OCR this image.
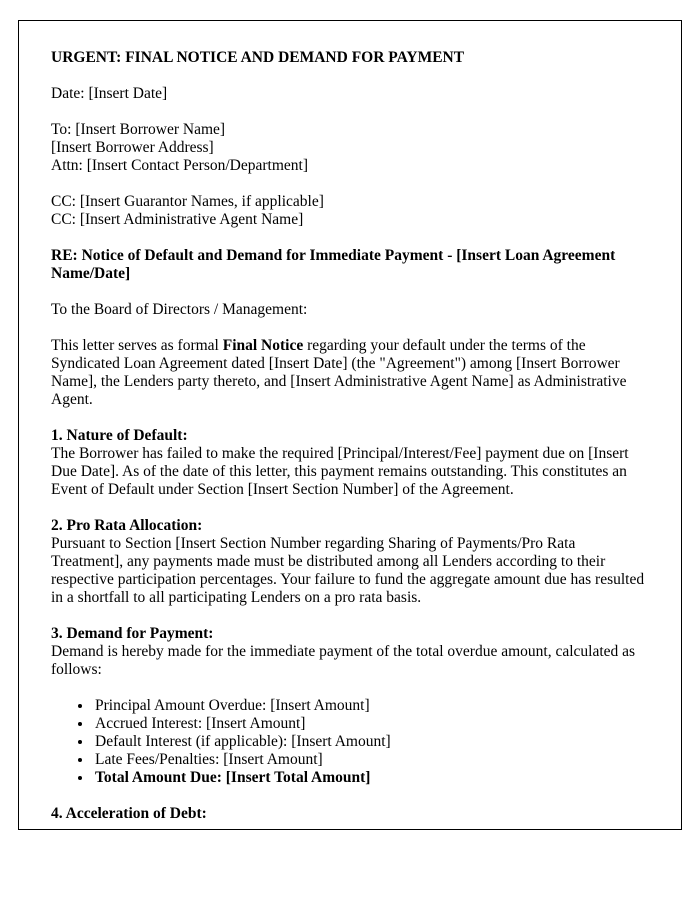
URGENT: FINAL NOTICE AND DEMAND FOR PAYMENT

Date: [Insert Date]

To: [Insert Borrower Name]
[Insert Borrower Address]
Attn: [Insert Contact Person/Department]
CC: [Insert Guarantor Names, if applicable]
CC: [Insert Administrative Agent Name]

RE: Notice of Default and Demand for Immediate Payment - [Insert Loan Agreement Name/Date]

To the Board of Directors / Management:

This letter serves as formal Final Notice regarding your default under the terms of the Syndicated Loan Agreement dated [Insert Date] (the "Agreement") among [Insert Borrower Name], the Lenders party thereto, and [Insert Administrative Agent Name] as Administrative Agent.

1. Nature of Default:
The Borrower has failed to make the required [Principal/Interest/Fee] payment due on [Insert Due Date]. As of the date of this letter, this payment remains outstanding. This constitutes an Event of Default under Section [Insert Section Number] of the Agreement.
2. Pro Rata Allocation:
Pursuant to Section [Insert Section Number regarding Sharing of Payments/Pro Rata Treatment], any payments made must be distributed among all Lenders according to their respective participation percentages. Your failure to fund the aggregate amount due has resulted in a shortfall to all participating Lenders on a pro rata basis.
3. Demand for Payment:
Demand is hereby made for the immediate payment of the total overdue amount, calculated as follows:
• Principal Amount Overdue: [Insert Amount]
• Accrued Interest: [Insert Amount]
• Default Interest (if applicable): [Insert Amount]
• Late Fees/Penalties: [Insert Amount]
• Total Amount Due: [Insert Total Amount]
4. Acceleration of Debt:
